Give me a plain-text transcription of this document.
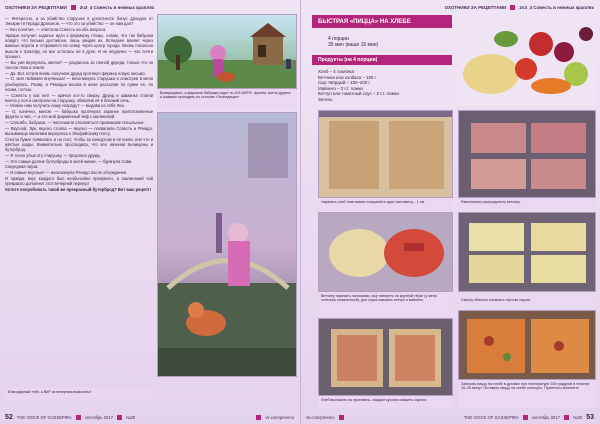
ОХОТНИКИ ЗА РЕЦЕПТАМИ	2ч3_4 Совесть в нежных краплях

— Интересно, а за убийство старушек в дополнеоте бонус дроидоа от Энкарм-тя Герада Драконов, — что это за убийство — он нам дал?

— Без понятия, — ответила Совесть на оба вопроса.

Эркара получил заданье идти к фермерку птицы, совам, что так бабушка пойдёт, что письмо доставлен, лишь увидев их. Вследнее влияет через важные ворота и отправился на север через центр города. Вновь покольно вышли к трактиру, но все остались не в духе. И не неудачно — час почти прошел.

— Вы уже вернулись, милок? — раздалось за спиной друида, только что он снесли пока в земле.

— Да. Вот, кстати вновь получили друид протянул фермер новую письмо.

— О, моя любимая внученька! — воскликнула старушка и осмотрев в меня улыбнулась. Разва, и Ремодьи вошла в шеке рассыпая по сумке ее, по ногам, гостью.

— Совесть у вас нет! — кричал кто-то сверху. Друид и шаманка стояли молча у пол и смотрели на старушку, обхватив её в близкий сень.

— Можно нам получить нашу награду? — выдави из себя Леа.

— О, конечно, милок! — бабушка протянула заранее приготовленные фрукты и чая, — а это мой фирменный чиф с малиновой.

— Спасибо, бабушка, — поспешили откланяться промокшие посыльные.

— Вкусной, Эрк, вкусно стояла — вкусно — похвалили Совесть и Рянадо, вызывающе мальчики вернулись к Эльфийскому посту.

Стелла бумаг появилась и на пост, чтобы за конкурсом в её книги, ели что и жёлтые шары. Внимательно проследила, что все начинки вычищены и бутерброд.

— Я точно убью эту старушку, — проронил друид.

— Это самые долгие бутерброды в моей жизни, — буркнула Сави.

Секундная пауза.

— И самые вкусные! — воскликнула Рянадо после обсуждения.

И правда, вкус каждого был необычайно прекрасен, а заклинаний чай прекрасно дополнил этот вечерний перекус!

Хотите попробовать такой же прекрасный бутерброд? Вот ваш рецепт!

Возвращаясь, а фармили бабушки ходят по 105 МКРФ, причём, могли дружно и шаманы приходить по статьям «Экспедиции»
Благодарный тебе, а ВКР за вечерним вымогаты!
52 THE VOICE OF GASSEPIRA	сентябрь 2017	№30	vk.com/preemo
ОХОТНИКИ ЗА РЕЦЕПТАМИ	2ч3_4 Совесть в нежных краплях
БЫСТРАЯ «ПИЦЦА» НА ХЛЕБЕ
4 порции
35 мин (ваши 15 мин)
Продукты (на 4 порции)
Хлеб – 4 ломтика
Ветчина или колбаса – 150 г
Сыр твёрдый – 150–200 г
Майонез – 2 ст. ложки
Кетчуп или томатный соус – 2 ст. ложки
Зелень
Нарезать хлеб ломтиками толщиной в один сантиметр – 1 см.	Равномерно распределить ветчину.
Ветчину нарезать полосками, сыр натереть на крупной тёрке (у меня осталось плавленный), для соуса смешать кетчуп и майонез.	Сверху обильно посыпать тёртым сыром.
Хлеб выложить на противень, каждый кусочек смазать соусом.
Запекать пиццу на хлебе в духовке при температуре 200 градусов в течение 15–20 минут. Оставить пиццу на хлебе остынуть. Приятного аппетита!
vk.com/preemo	THE VOICE OF GASSEPIRA	сентябрь 2017	№30 53
